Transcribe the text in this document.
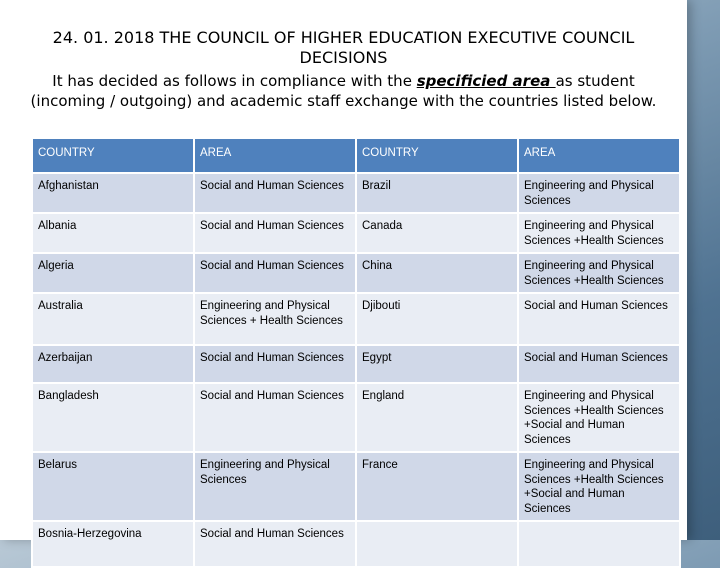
24. 01. 2018 THE COUNCIL OF HIGHER EDUCATION EXECUTIVE COUNCIL
DECISIONS
It has decided as follows in compliance with the specificied area as student
(incoming / outgoing) and academic staff exchange with the countries listed below.
COUNTRY	AREA	COUNTRY	AREA
Afghanistan	Social and Human Sciences	Brazil	Engineering and Physical Sciences
Albania	Social and Human Sciences	Canada	Engineering and Physical Sciences +Health Sciences
Algeria	Social and Human Sciences	China	Engineering and Physical Sciences +Health Sciences
Australia	Engineering and Physical Sciences + Health Sciences	Djibouti	Social and Human Sciences
Azerbaijan	Social and Human Sciences	Egypt	Social and Human Sciences
Bangladesh	Social and Human Sciences	England	Engineering and Physical Sciences +Health Sciences +Social and Human Sciences
Belarus	Engineering and Physical Sciences	France	Engineering and Physical Sciences +Health Sciences +Social and Human Sciences
Bosnia-Herzegovina	Social and Human Sciences		
